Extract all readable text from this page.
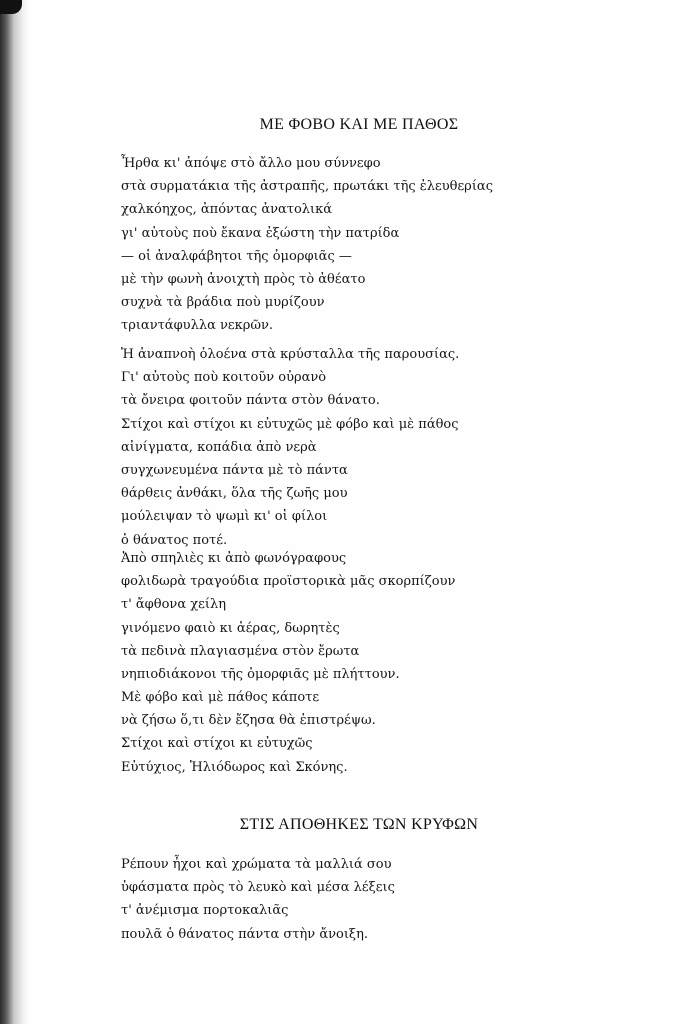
ΜΕ ΦΟΒΟ ΚΑΙ ΜΕ ΠΑΘΟΣ
Ἦρθα κι' ἀπόψε στὸ ἄλλο μου σύννεφο
στὰ συρματάκια τῆς ἀστραπῆς, πρωτάκι τῆς ἐλευθερίας
χαλκόηχος, ἀπόντας ἀνατολικά
γι' αὐτοὺς ποὺ ἔκανα ἐξώστη τὴν πατρίδα
— οἱ ἀναλφάβητοι τῆς ὀμορφιᾶς —
μὲ τὴν φωνὴ ἀνοιχτὴ πρὸς τὸ ἀθέατο
συχνὰ τὰ βράδια ποὺ μυρίζουν
τριαντάφυλλα νεκρῶν.
Ἡ ἀναπνοὴ ὁλοένα στὰ κρύσταλλα τῆς παρουσίας.
Γι' αὐτοὺς ποὺ κοιτοῦν οὐρανὸ
τὰ ὄνειρα φοιτοῦν πάντα στὸν θάνατο.
Στίχοι καὶ στίχοι κι εὐτυχῶς μὲ φόβο καὶ μὲ πάθος
αἰνίγματα, κοπάδια ἀπὸ νερὰ
συγχωνευμένα πάντα μὲ τὸ πάντα
θάρθεις ἀνθάκι, ὅλα τῆς ζωῆς μου
μούλειψαν τὸ ψωμὶ κι' οἱ φίλοι
ὁ θάνατος ποτέ.
Ἀπὸ σπηλιὲς κι ἀπὸ φωνόγραφους
φολιδωρὰ τραγούδια προϊστορικὰ μᾶς σκορπίζουν
τ' ἄφθονα χείλη
γινόμενο φαιὸ κι ἀέρας, δωρητὲς
τὰ πεδινὰ πλαγιασμένα στὸν ἔρωτα
νηπιοδιάκονοι τῆς ὀμορφιᾶς μὲ πλήττουν.
Μὲ φόβο καὶ μὲ πάθος κάποτε
νὰ ζήσω ὅ,τι δὲν ἔζησα θὰ ἐπιστρέψω.
Στίχοι καὶ στίχοι κι εὐτυχῶς
Εὐτύχιος, Ἡλιόδωρος καὶ Σκόνης.
ΣΤΙΣ ΑΠΟΘΗΚΕΣ ΤΩΝ ΚΡΥΦΩΝ
Ρέπουν ἦχοι καὶ χρώματα τὰ μαλλιά σου
ὑφάσματα πρὸς τὸ λευκὸ καὶ μέσα λέξεις
τ' ἀνέμισμα πορτοκαλιᾶς
πουλᾶ ὁ θάνατος πάντα στὴν ἄνοιξη.
